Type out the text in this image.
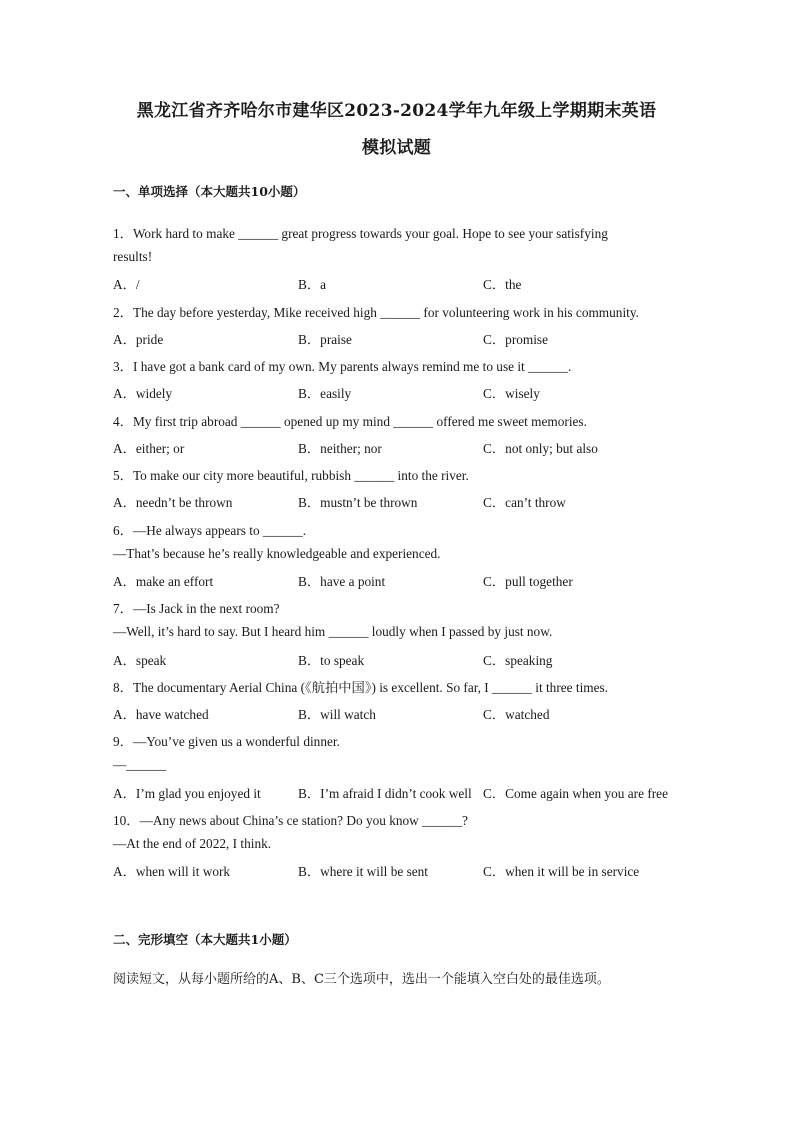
黑龙江省齐齐哈尔市建华区2023-2024学年九年级上学期期末英语
模拟试题
一、单项选择（本大题共10小题）
1．Work hard to make ______ great progress towards your goal. Hope to see your satisfying
results!
A．/	B．a	C．the
2．The day before yesterday, Mike received high ______ for volunteering work in his community.
A．pride	B．praise	C．promise
3．I have got a bank card of my own. My parents always remind me to use it ______.
A．widely	B．easily	C．wisely
4．My first trip abroad ______ opened up my mind ______ offered me sweet memories.
A．either; or	B．neither; nor	C．not only; but also
5．To make our city more beautiful, rubbish ______ into the river.
A．needn’t be thrown	B．mustn’t be thrown	C．can’t throw
6．—He always appears to ______.
—That’s because he’s really knowledgeable and experienced.
A．make an effort	B．have a point	C．pull together
7．—Is Jack in the next room?
—Well, it’s hard to say. But I heard him ______ loudly when I passed by just now.
A．speak	B．to speak	C．speaking
8．The documentary Aerial China (《航拍中国》) is excellent. So far, I ______ it three times.
A．have watched	B．will watch	C．watched
9．—You’ve given us a wonderful dinner.
—______
A．I’m glad you enjoyed it	B．I’m afraid I didn’t cook well C．Come again when you are free
10．—Any news about China’s ce station? Do you know ______?
—At the end of 2022, I think.
A．when will it work	B．where it will be sent	C．when it will be in service
二、完形填空（本大题共1小题）
阅读短文，从每小题所给的A、B、C三个选项中，选出一个能填入空白处的最佳选项。
